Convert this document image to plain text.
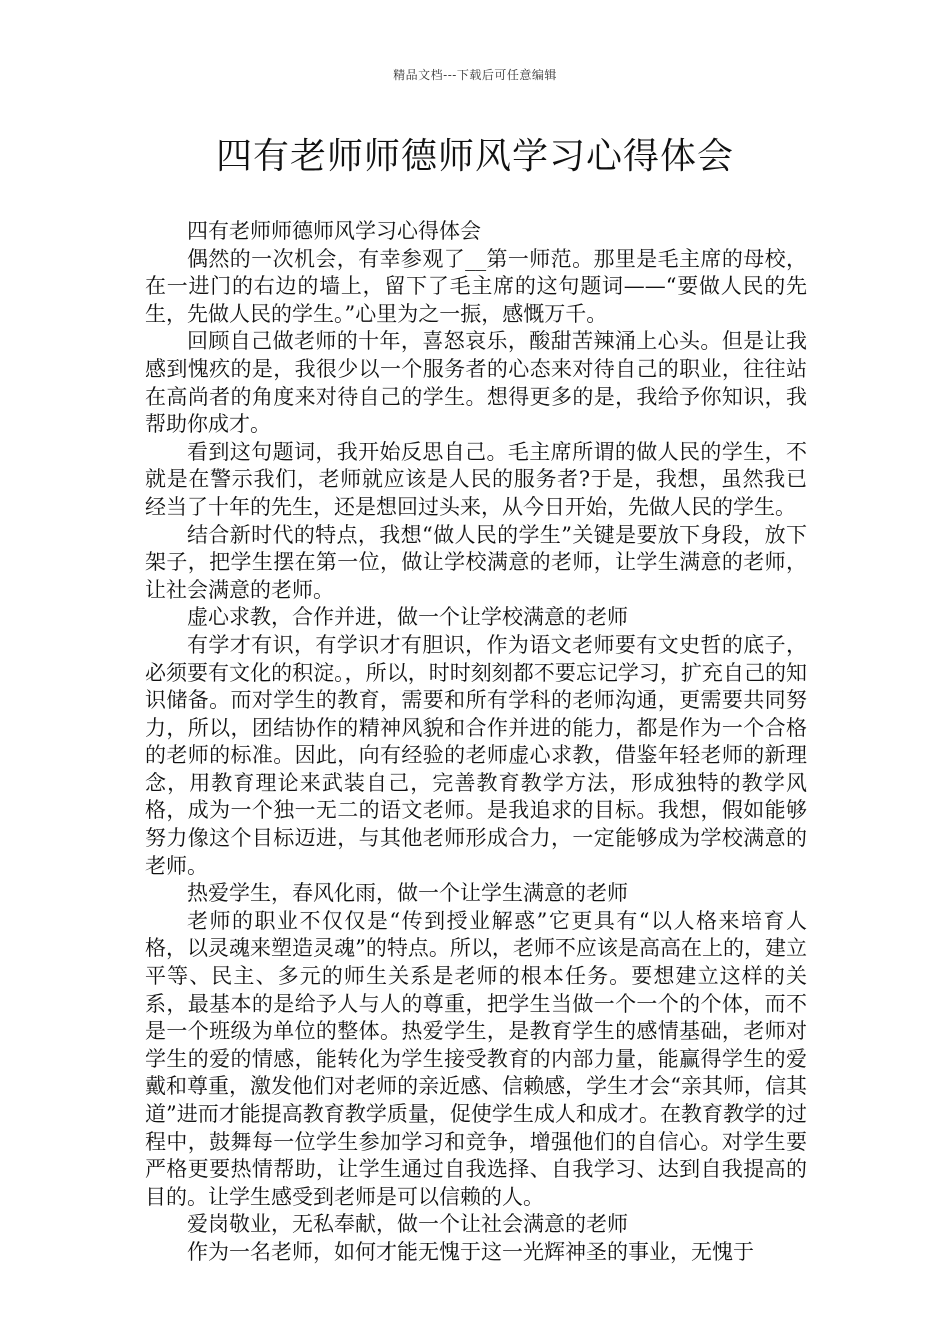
精品文档---下载后可任意编辑
四有老师师德师风学习心得体会

四有老师师德师风学习心得体会

偶然的一次机会，有幸参观了__第一师范。那里是毛主席的母校，在一进门的右边的墙上，留下了毛主席的这句题词——“要做人民的先生，先做人民的学生。”心里为之一振，感慨万千。

回顾自己做老师的十年，喜怒哀乐，酸甜苦辣涌上心头。但是让我感到愧疚的是，我很少以一个服务者的心态来对待自己的职业，往往站在高尚者的角度来对待自己的学生。想得更多的是，我给予你知识，我帮助你成才。

看到这句题词，我开始反思自己。毛主席所谓的做人民的学生，不就是在警示我们，老师就应该是人民的服务者?于是，我想，虽然我已经当了十年的先生，还是想回过头来，从今日开始，先做人民的学生。

结合新时代的特点，我想“做人民的学生”关键是要放下身段，放下架子，把学生摆在第一位，做让学校满意的老师，让学生满意的老师，让社会满意的老师。

虚心求教，合作并进，做一个让学校满意的老师

有学才有识，有学识才有胆识，作为语文老师要有文史哲的底子，必须要有文化的积淀。，所以，时时刻刻都不要忘记学习，扩充自己的知识储备。而对学生的教育，需要和所有学科的老师沟通，更需要共同努力，所以，团结协作的精神风貌和合作并进的能力，都是作为一个合格的老师的标准。因此，向有经验的老师虚心求教，借鉴年轻老师的新理念，用教育理论来武装自己，完善教育教学方法，形成独特的教学风格，成为一个独一无二的语文老师。是我追求的目标。我想，假如能够努力像这个目标迈进，与其他老师形成合力，一定能够成为学校满意的老师。

热爱学生，春风化雨，做一个让学生满意的老师

老师的职业不仅仅是“传到授业解惑”它更具有“以人格来培育人格，以灵魂来塑造灵魂”的特点。所以，老师不应该是高高在上的，建立平等、民主、多元的师生关系是老师的根本任务。要想建立这样的关系，最基本的是给予人与人的尊重，把学生当做一个一个的个体，而不是一个班级为单位的整体。热爱学生，是教育学生的感情基础，老师对学生的爱的情感，能转化为学生接受教育的内部力量，能赢得学生的爱戴和尊重，激发他们对老师的亲近感、信赖感，学生才会“亲其师，信其道”进而才能提高教育教学质量，促使学生成人和成才。在教育教学的过程中，鼓舞每一位学生参加学习和竞争，增强他们的自信心。对学生要严格更要热情帮助，让学生通过自我选择、自我学习、达到自我提高的目的。让学生感受到老师是可以信赖的人。

爱岗敬业，无私奉献，做一个让社会满意的老师

作为一名老师，如何才能无愧于这一光辉神圣的事业，无愧于
